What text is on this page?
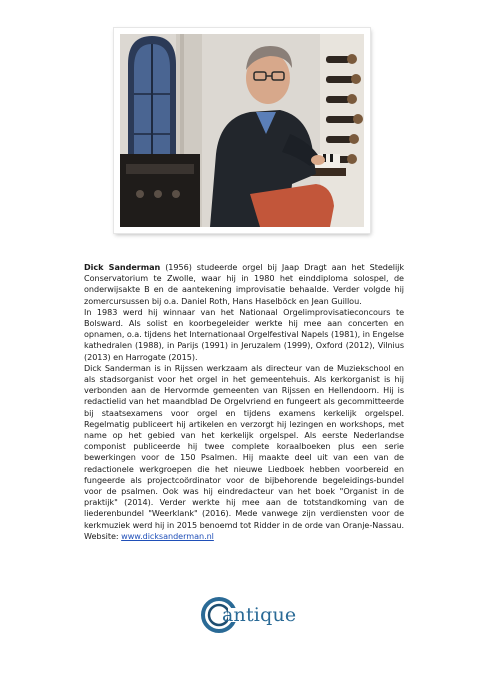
Dick Sanderman (1956) studeerde orgel bij Jaap Dragt aan het Stedelijk Conservatorium te Zwolle, waar hij in 1980 het einddiploma solospel, de onderwijsakte B en de aantekening improvisatie behaalde. Verder volgde hij zomercursussen bij o.a. Daniel Roth, Hans Haselböck en Jean Guillou.

In 1983 werd hij winnaar van het Nationaal Orgelimprovisatieconcours te Bolsward. Als solist en koorbegeleider werkte hij mee aan concerten en opnamen, o.a. tijdens het Internationaal Orgelfestival Napels (1981), in Engelse kathedralen (1988), in Parijs (1991) in Jeruzalem (1999), Oxford (2012), Vilnius (2013) en Harrogate (2015).

Dick Sanderman is in Rijssen werkzaam als directeur van de Muziekschool en als stadsorganist voor het orgel in het gemeentehuis. Als kerkorganist is hij verbonden aan de Hervormde gemeenten van Rijssen en Hellendoorn. Hij is redactielid van het maandblad De Orgelvriend en fungeert als gecommitteerde bij staatsexamens voor orgel en tijdens examens kerkelijk orgelspel. Regelmatig publiceert hij artikelen en verzorgt hij lezingen en workshops, met name op het gebied van het kerkelijk orgelspel. Als eerste Nederlandse componist publiceerde hij twee complete koraalboeken plus een serie bewerkingen voor de 150 Psalmen. Hij maakte deel uit van een van de redactionele werkgroepen die het nieuwe Liedboek hebben voorbereid en fungeerde als projectcoördinator voor de bijbehorende begeleidings-bundel voor de psalmen. Ook was hij eindredacteur van het boek "Organist in de praktijk" (2014). Verder werkte hij mee aan de totstandkoming van de liederenbundel "Weerklank" (2016). Mede vanwege zijn verdiensten voor de kerkmuziek werd hij in 2015 benoemd tot Ridder in de orde van Oranje-Nassau. Website: www.dicksanderman.nl

antique
